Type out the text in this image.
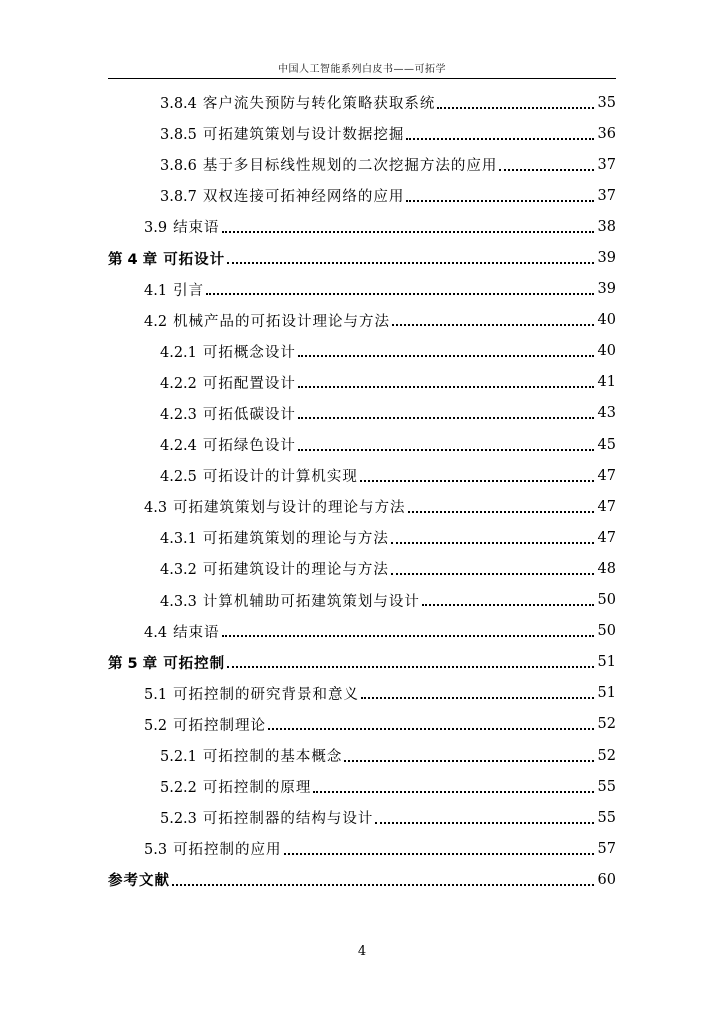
中国人工智能系列白皮书——可拓学
3.8.4 客户流失预防与转化策略获取系统	35
3.8.5 可拓建筑策划与设计数据挖掘	36
3.8.6 基于多目标线性规划的二次挖掘方法的应用	37
3.8.7 双权连接可拓神经网络的应用	37
3.9 结束语	38
第 4 章 可拓设计	39
4.1 引言	39
4.2 机械产品的可拓设计理论与方法	40
4.2.1 可拓概念设计	40
4.2.2 可拓配置设计	41
4.2.3 可拓低碳设计	43
4.2.4 可拓绿色设计	45
4.2.5 可拓设计的计算机实现	47
4.3 可拓建筑策划与设计的理论与方法	47
4.3.1 可拓建筑策划的理论与方法	47
4.3.2 可拓建筑设计的理论与方法	48
4.3.3 计算机辅助可拓建筑策划与设计	50
4.4 结束语	50
第 5 章 可拓控制	51
5.1 可拓控制的研究背景和意义	51
5.2 可拓控制理论	52
5.2.1 可拓控制的基本概念	52
5.2.2 可拓控制的原理	55
5.2.3 可拓控制器的结构与设计	55
5.3 可拓控制的应用	57
参考文献	60
4
